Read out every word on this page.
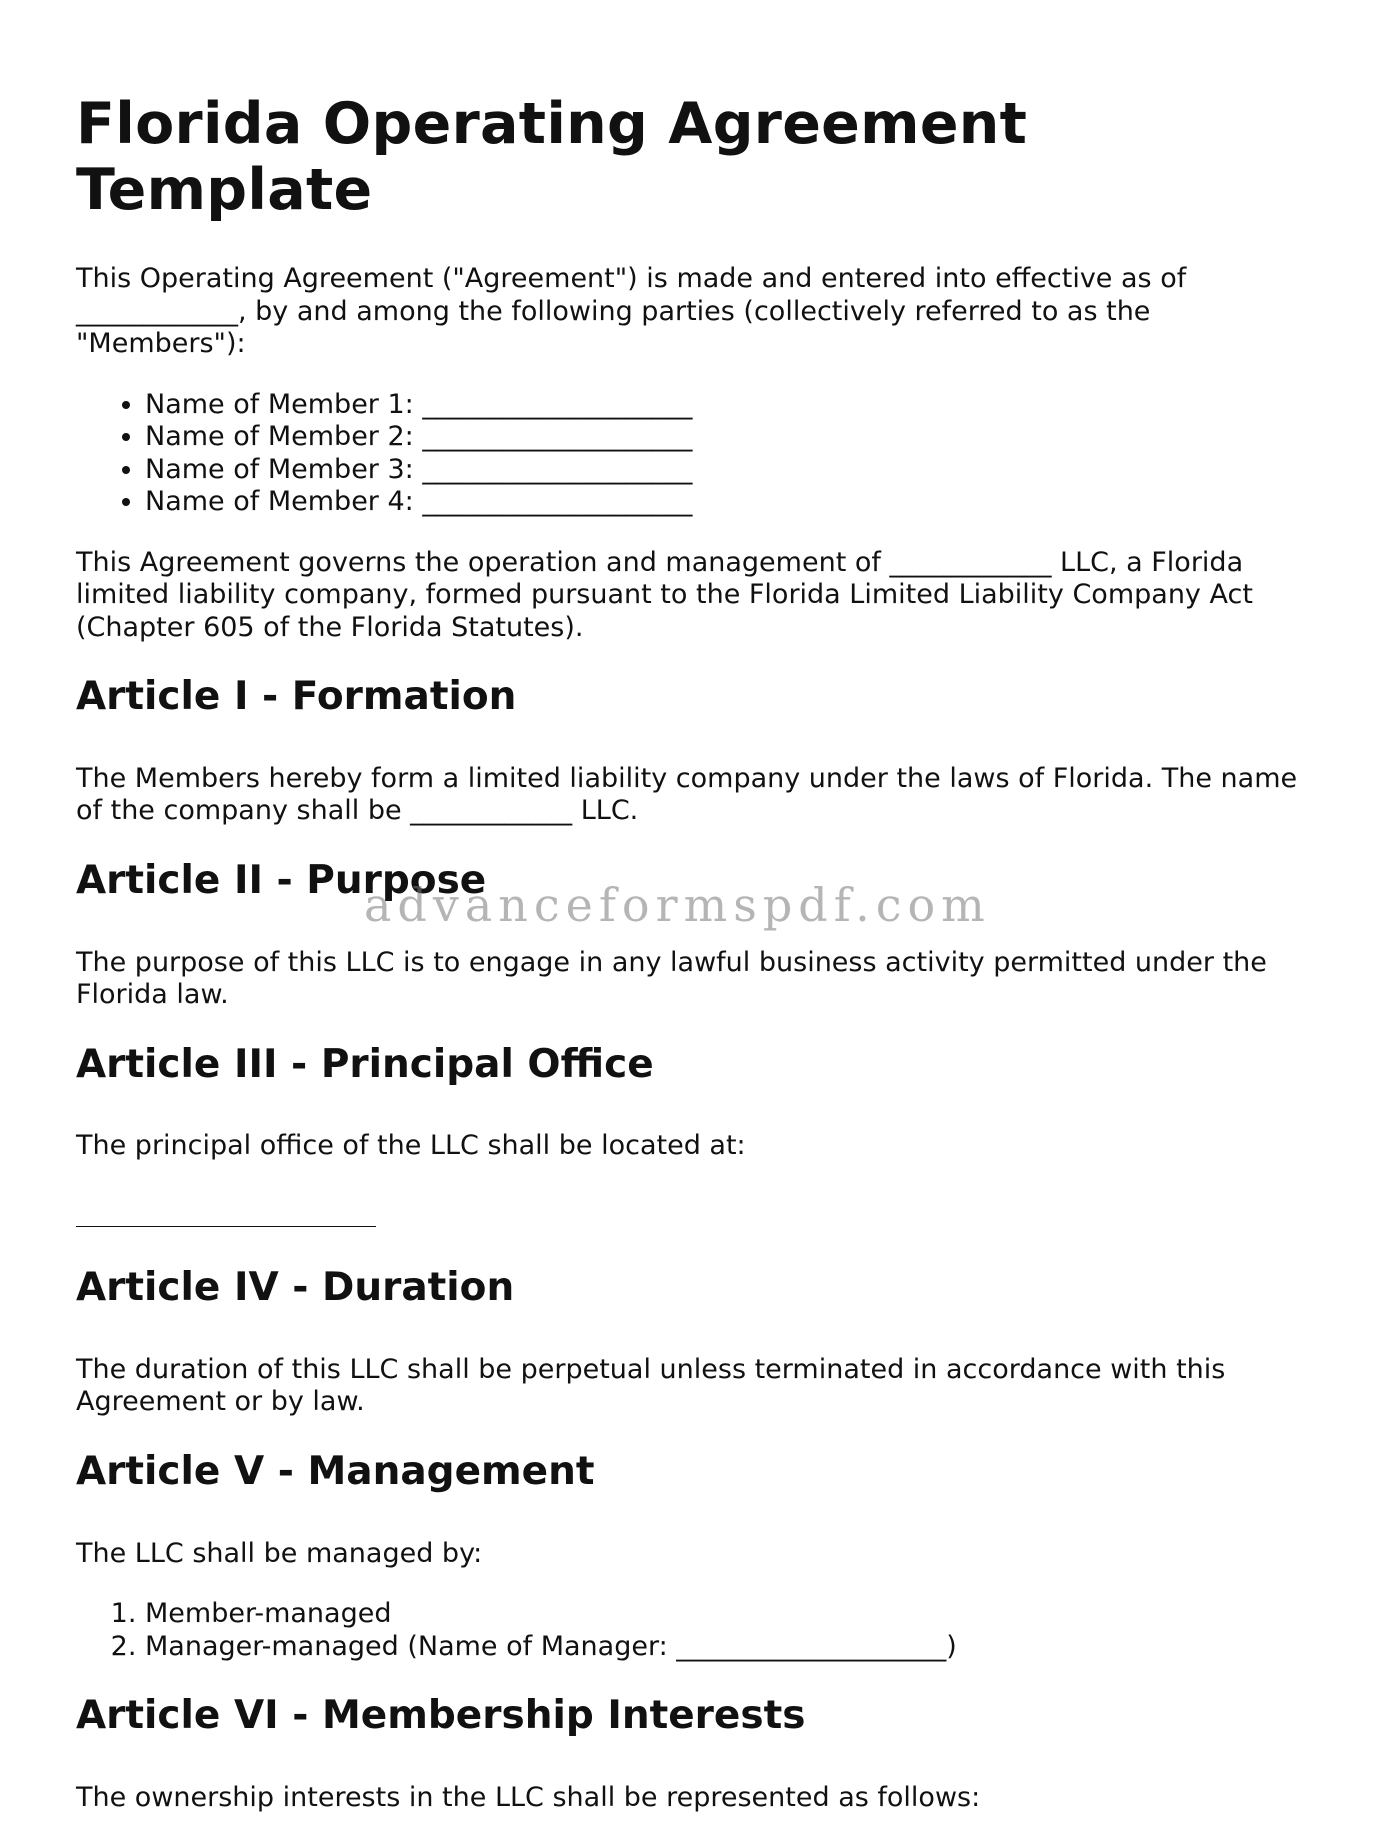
Florida Operating Agreement Template

This Operating Agreement ("Agreement") is made and entered into effective as of ____________, by and among the following parties (collectively referred to as the "Members"):

• Name of Member 1: ____________________
• Name of Member 2: ____________________
• Name of Member 3: ____________________
• Name of Member 4: ____________________

This Agreement governs the operation and management of ____________ LLC, a Florida limited liability company, formed pursuant to the Florida Limited Liability Company Act (Chapter 605 of the Florida Statutes).

Article I - Formation

The Members hereby form a limited liability company under the laws of Florida. The name of the company shall be ____________ LLC.

Article II - Purpose

The purpose of this LLC is to engage in any lawful business activity permitted under the Florida law.

Article III - Principal Office

The principal office of the LLC shall be located at:

Article IV - Duration

The duration of this LLC shall be perpetual unless terminated in accordance with this Agreement or by law.

Article V - Management

The LLC shall be managed by:

1. Member-managed
2. Manager-managed (Name of Manager: ____________________)
Article VI - Membership Interests

The ownership interests in the LLC shall be represented as follows:

advanceformspdf.com
